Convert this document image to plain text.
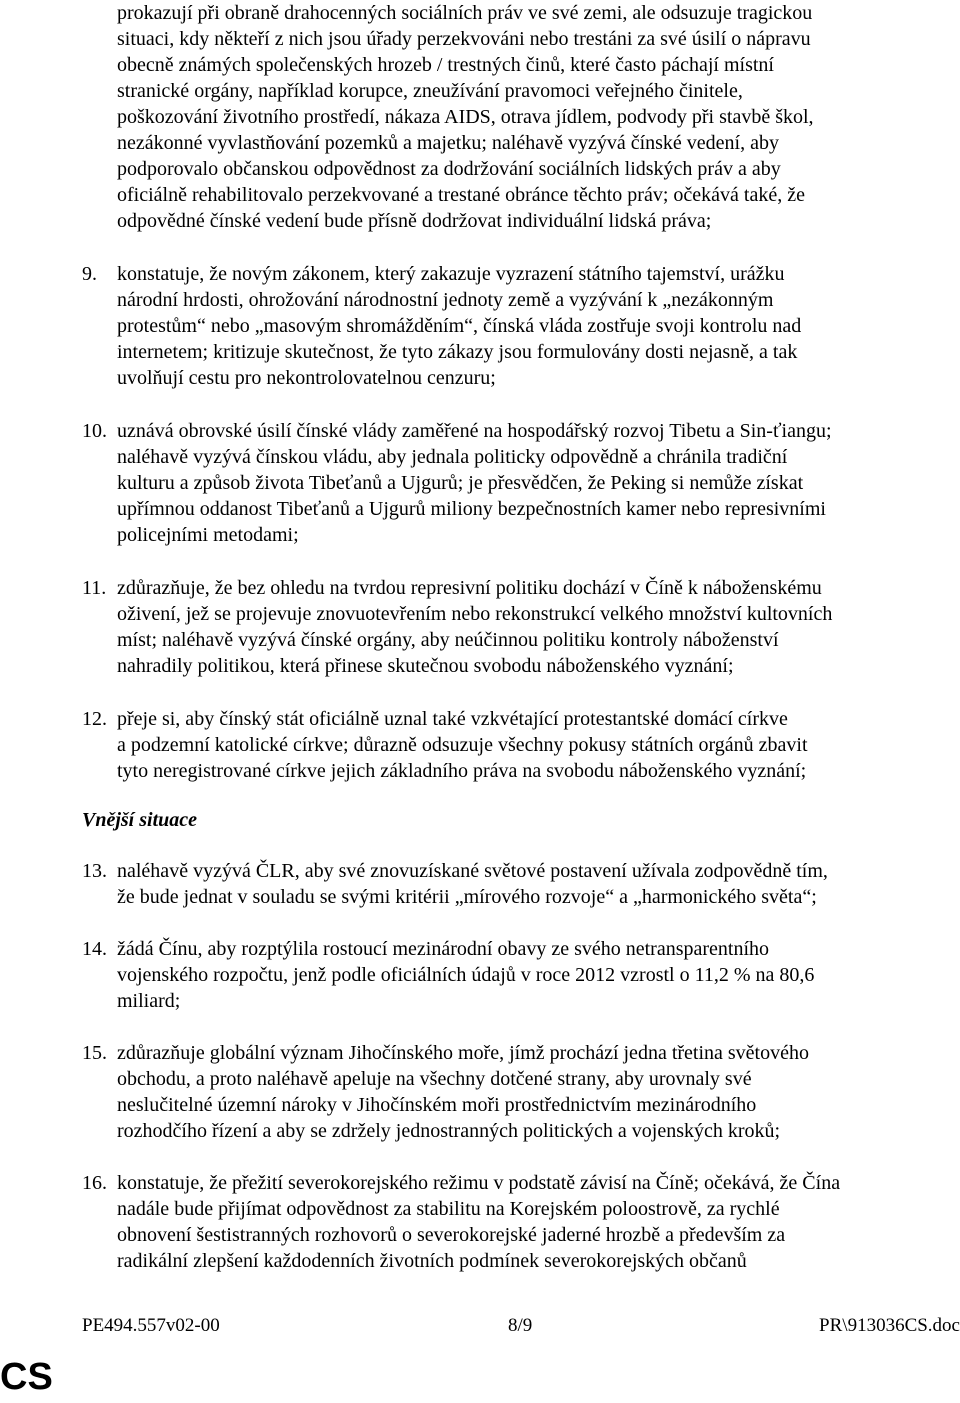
prokazují při obraně drahocenných sociálních práv ve své zemi, ale odsuzuje tragickou
situaci, kdy někteří z nich jsou úřady perzekvováni nebo trestáni za své úsilí o nápravu
obecně známých společenských hrozeb / trestných činů, které často páchají místní
stranické orgány, například korupce, zneužívání pravomoci veřejného činitele,
poškozování životního prostředí, nákaza AIDS, otrava jídlem, podvody při stavbě škol,
nezákonné vyvlastňování pozemků a majetku; naléhavě vyzývá čínské vedení, aby
podporovalo občanskou odpovědnost za dodržování sociálních lidských práv a aby
oficiálně rehabilitovalo perzekvované a trestané obránce těchto práv; očekává také, že
odpovědné čínské vedení bude přísně dodržovat individuální lidská práva;
9. konstatuje, že novým zákonem, který zakazuje vyzrazení státního tajemství, urážku
národní hrdosti, ohrožování národnostní jednoty země a vyzývání k „nezákonným
protestům“ nebo „masovým shromážděním“, čínská vláda zostřuje svoji kontrolu nad
internetem; kritizuje skutečnost, že tyto zákazy jsou formulovány dosti nejasně, a tak
uvolňují cestu pro nekontrolovatelnou cenzuru;
10. uznává obrovské úsilí čínské vlády zaměřené na hospodářský rozvoj Tibetu a Sin-ťiangu;
naléhavě vyzývá čínskou vládu, aby jednala politicky odpovědně a chránila tradiční
kulturu a způsob života Tibeťanů a Ujgurů; je přesvědčen, že Peking si nemůže získat
upřímnou oddanost Tibeťanů a Ujgurů miliony bezpečnostních kamer nebo represivními
policejními metodami;
11. zdůrazňuje, že bez ohledu na tvrdou represivní politiku dochází v Číně k náboženskému
oživení, jež se projevuje znovuotevřením nebo rekonstrukcí velkého množství kultovních
míst; naléhavě vyzývá čínské orgány, aby neúčinnou politiku kontroly náboženství
nahradily politikou, která přinese skutečnou svobodu náboženského vyznání;
12. přeje si, aby čínský stát oficiálně uznal také vzkvétající protestantské domácí církve
a podzemní katolické církve; důrazně odsuzuje všechny pokusy státních orgánů zbavit
tyto neregistrované církve jejich základního práva na svobodu náboženského vyznání;
Vnější situace
13. naléhavě vyzývá ČLR, aby své znovuzískané světové postavení užívala zodpovědně tím,
že bude jednat v souladu se svými kritérii „mírového rozvoje“ a „harmonického světa“;
14. žádá Čínu, aby rozptýlila rostoucí mezinárodní obavy ze svého netransparentního
vojenského rozpočtu, jenž podle oficiálních údajů v roce 2012 vzrostl o 11,2 % na 80,6
miliard;
15. zdůrazňuje globální význam Jihočínského moře, jímž prochází jedna třetina světového
obchodu, a proto naléhavě apeluje na všechny dotčené strany, aby urovnaly své
neslučitelné územní nároky v Jihočínském moři prostřednictvím mezinárodního
rozhodčího řízení a aby se zdržely jednostranných politických a vojenských kroků;
16. konstatuje, že přežití severokorejského režimu v podstatě závisí na Číně; očekává, že Čína
nadále bude přijímat odpovědnost za stabilitu na Korejském poloostrově, za rychlé
obnovení šestistranných rozhovorů o severokorejské jaderné hrozbě a především za
radikální zlepšení každodenních životních podmínek severokorejských občanů
PE494.557v02-00	8/9	PR\913036CS.doc
CS
